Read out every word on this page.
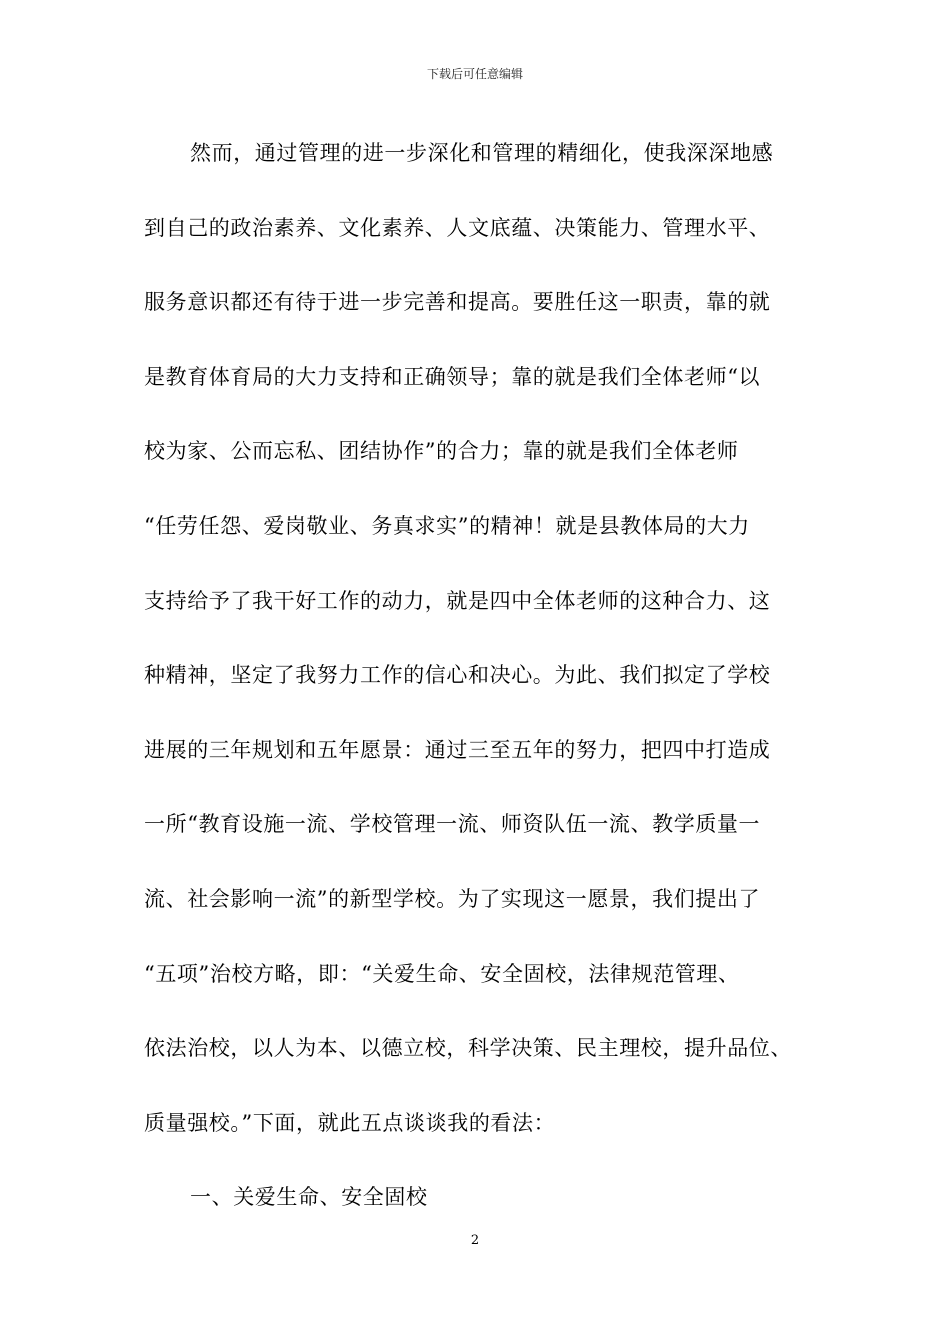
下载后可任意编辑
然而，通过管理的进一步深化和管理的精细化，使我深深地感
到自己的政治素养、文化素养、人文底蕴、决策能力、管理水平、
服务意识都还有待于进一步完善和提高。要胜任这一职责，靠的就
是教育体育局的大力支持和正确领导；靠的就是我们全体老师“以
校为家、公而忘私、团结协作”的合力；靠的就是我们全体老师
“任劳任怨、爱岗敬业、务真求实”的精神！就是县教体局的大力
支持给予了我干好工作的动力，就是四中全体老师的这种合力、这
种精神，坚定了我努力工作的信心和决心。为此、我们拟定了学校
进展的三年规划和五年愿景：通过三至五年的努力，把四中打造成
一所“教育设施一流、学校管理一流、师资队伍一流、教学质量一
流、社会影响一流”的新型学校。为了实现这一愿景，我们提出了
“五项”治校方略，即：“关爱生命、安全固校，法律规范管理、
依法治校，以人为本、以德立校，科学决策、民主理校，提升品位、
质量强校。”下面，就此五点谈谈我的看法：
一、关爱生命、安全固校
2
